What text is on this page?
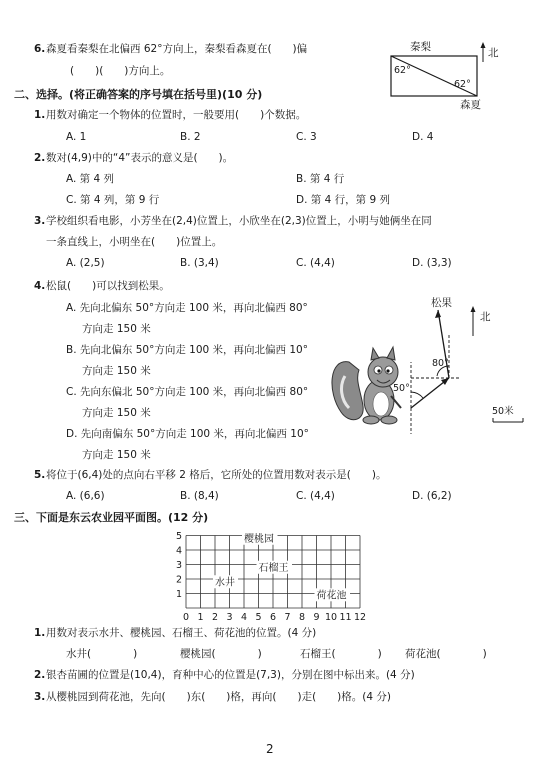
6. 森夏看秦梨在北偏西 62°方向上，秦梨看森夏在(　　)偏
(　　)(　　)方向上。
秦梨
森夏
北
62°
62°
二、选择。(将正确答案的序号填在括号里)(10 分)
1. 用数对确定一个物体的位置时，一般要用(　　)个数据。
A. 1	B. 2	C. 3	D. 4
2. 数对(4,9)中的“4”表示的意义是(　　)。
A. 第 4 列	B. 第 4 行
C. 第 4 列，第 9 行	D. 第 4 行，第 9 列
3. 学校组织看电影，小芳坐在(2,4)位置上，小欣坐在(2,3)位置上，小明与她俩坐在同
一条直线上，小明坐在(　　)位置上。
A. (2,5)	B. (3,4)	C. (4,4)	D. (3,3)
4. 松鼠(　　)可以找到松果。
A. 先向北偏东 50°方向走 100 米，再向北偏西 80°
方向走 150 米
B. 先向北偏东 50°方向走 100 米，再向北偏西 10°
方向走 150 米
C. 先向东偏北 50°方向走 100 米，再向北偏西 80°
方向走 150 米
D. 先向南偏东 50°方向走 100 米，再向北偏西 10°
方向走 150 米
松果
北
80°
50°
50米
5. 将位于(6,4)处的点向右平移 2 格后，它所处的位置用数对表示是(　　)。
A. (6,6)	B. (8,4)	C. (4,4)	D. (6,2)
三、下面是东云农业园平面图。(12 分)
0 1 2 3 4 5 6 7 8 9 10 11 12
1
2
3
4
5	樱桃园
石榴王
水井
荷花池
1. 用数对表示水井、樱桃园、石榴王、荷花池的位置。(4 分)
水井(　　　　)	樱桃园(　　　　)	石榴王(　　　　) 荷花池(　　　　)
2. 银杏苗圃的位置是(10,4)，育种中心的位置是(7,3)，分别在图中标出来。(4 分)
3. 从樱桃园到荷花池，先向(　　)东(　　)格，再向(　　)走(　　)格。(4 分)
2
